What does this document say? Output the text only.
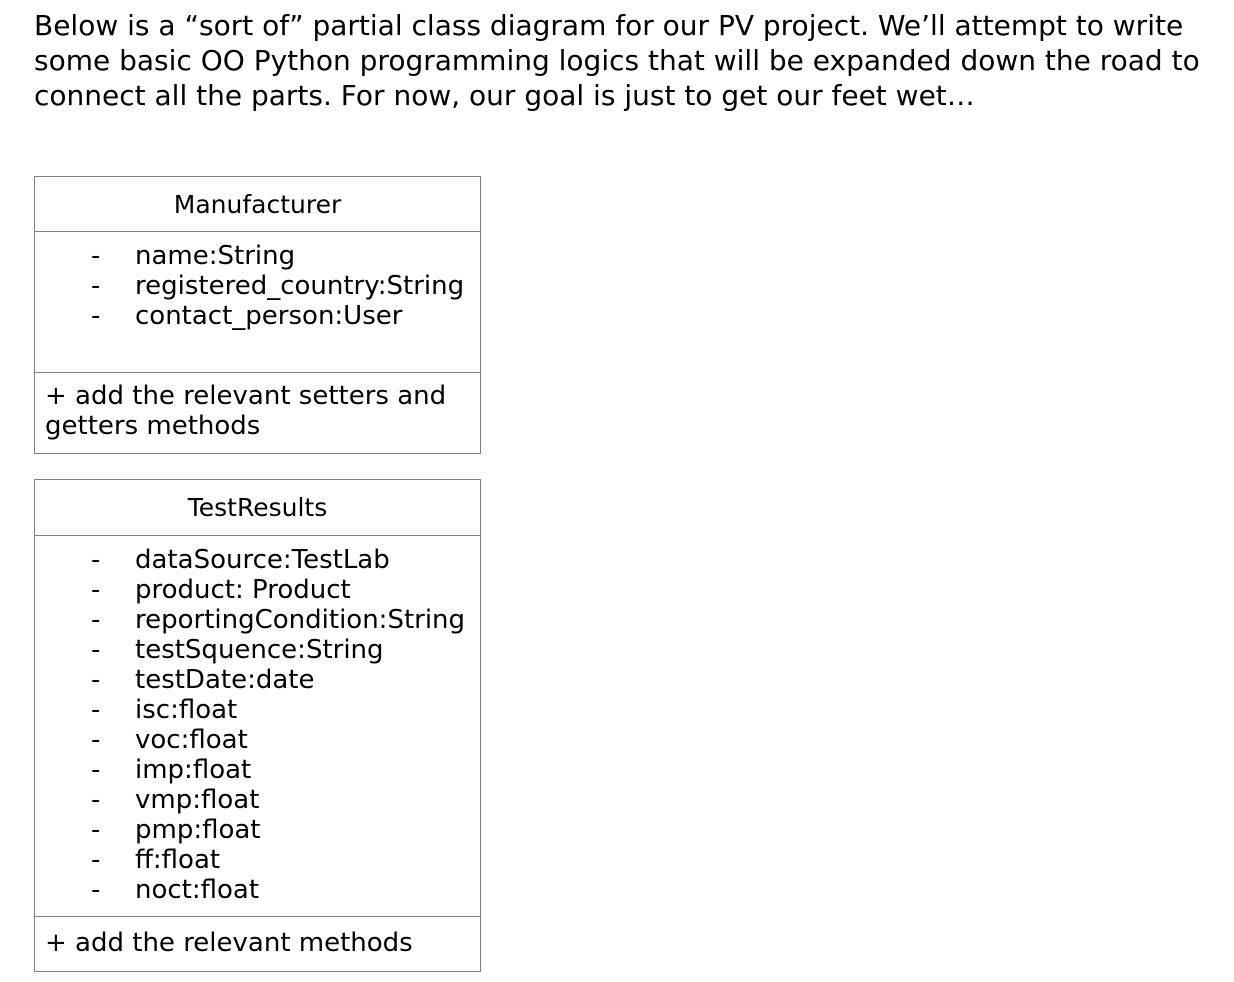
Below is a “sort of” partial class diagram for our PV project. We’ll attempt to write some basic OO Python programming logics that will be expanded down the road to connect all the parts. For now, our goal is just to get our feet wet…

Manufacturer
-	name:String
-	registered_country:String
-	contact_person:User
+ add the relevant setters and getters methods
TestResults
-	dataSource:TestLab
-	product: Product
-	reportingCondition:String
-	testSquence:String
-	testDate:date
-	isc:float
-	voc:float
-	imp:float
-	vmp:float
-	pmp:float
-	ff:float
-	noct:float
+ add the relevant methods
